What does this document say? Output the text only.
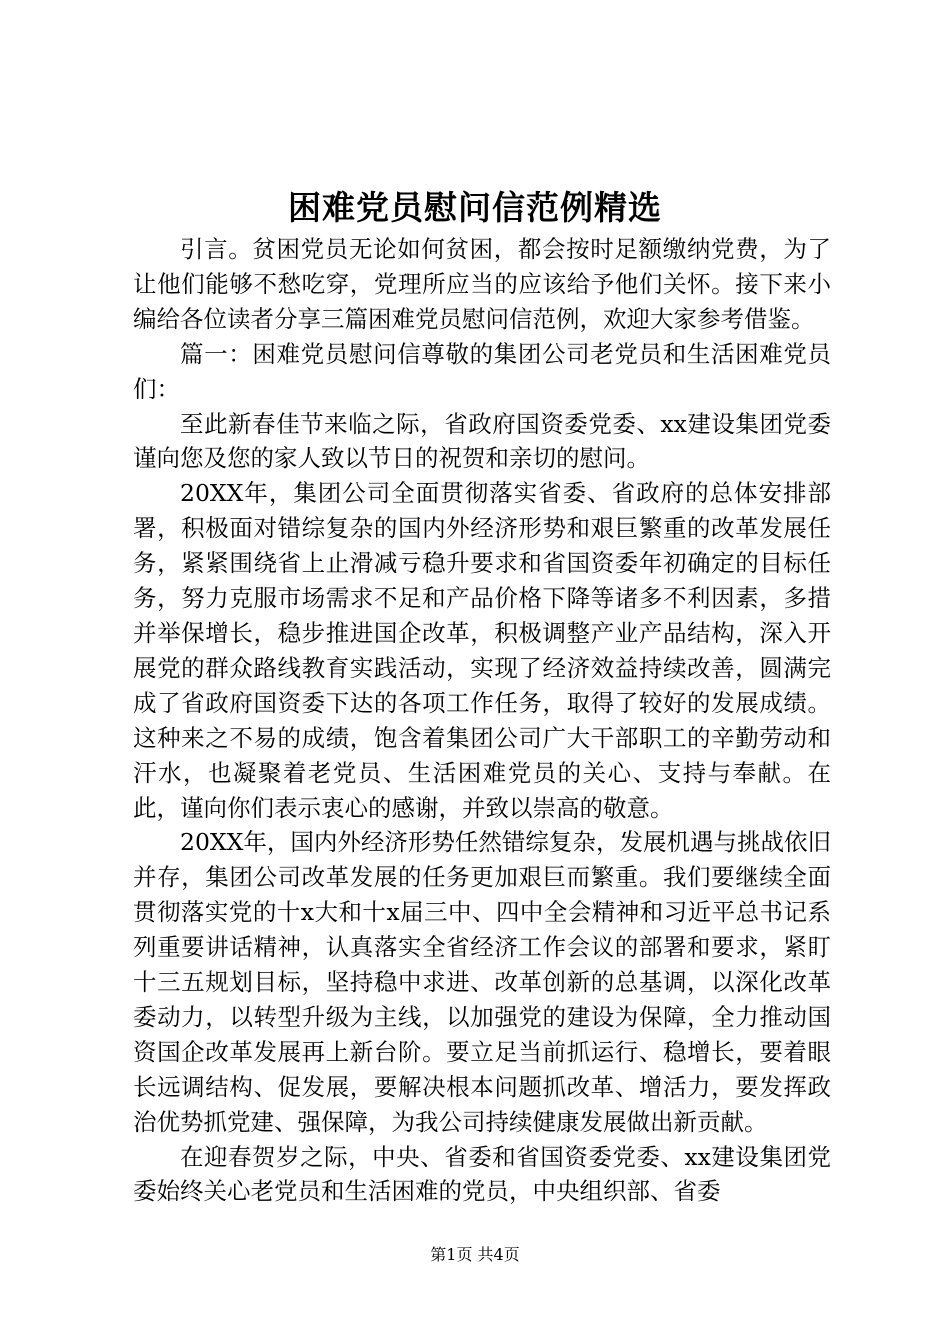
困难党员慰问信范例精选

引言。贫困党员无论如何贫困，都会按时足额缴纳党费，为了让他们能够不愁吃穿，党理所应当的应该给予他们关怀。接下来小编给各位读者分享三篇困难党员慰问信范例，欢迎大家参考借鉴。

篇一：困难党员慰问信尊敬的集团公司老党员和生活困难党员们：

至此新春佳节来临之际，省政府国资委党委、xx建设集团党委谨向您及您的家人致以节日的祝贺和亲切的慰问。

20XX年，集团公司全面贯彻落实省委、省政府的总体安排部署，积极面对错综复杂的国内外经济形势和艰巨繁重的改革发展任务，紧紧围绕省上止滑减亏稳升要求和省国资委年初确定的目标任务，努力克服市场需求不足和产品价格下降等诸多不利因素，多措并举保增长，稳步推进国企改革，积极调整产业产品结构，深入开展党的群众路线教育实践活动，实现了经济效益持续改善，圆满完成了省政府国资委下达的各项工作任务，取得了较好的发展成绩。这种来之不易的成绩，饱含着集团公司广大干部职工的辛勤劳动和汗水，也凝聚着老党员、生活困难党员的关心、支持与奉献。在此，谨向你们表示衷心的感谢，并致以崇高的敬意。

20XX年，国内外经济形势任然错综复杂，发展机遇与挑战依旧并存，集团公司改革发展的任务更加艰巨而繁重。我们要继续全面贯彻落实党的十x大和十x届三中、四中全会精神和习近平总书记系列重要讲话精神，认真落实全省经济工作会议的部署和要求，紧盯十三五规划目标，坚持稳中求进、改革创新的总基调，以深化改革委动力，以转型升级为主线，以加强党的建设为保障，全力推动国资国企改革发展再上新台阶。要立足当前抓运行、稳增长，要着眼长远调结构、促发展，要解决根本问题抓改革、增活力，要发挥政治优势抓党建、强保障，为我公司持续健康发展做出新贡献。

在迎春贺岁之际，中央、省委和省国资委党委、xx建设集团党委始终关心老党员和生活困难的党员，中央组织部、省委

第1页 共4页
